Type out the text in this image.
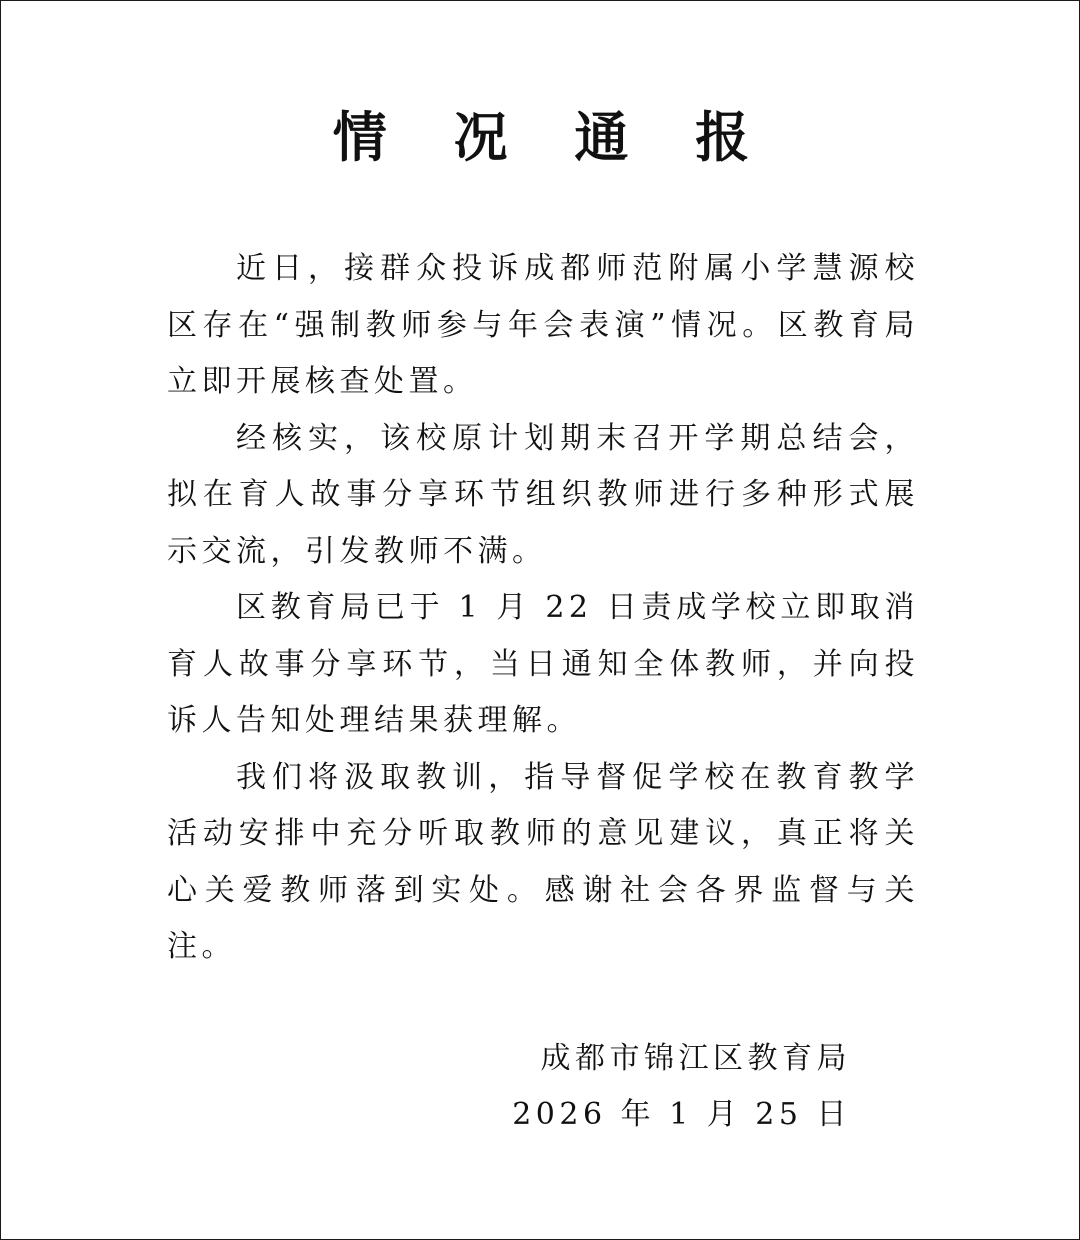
情 况 通 报

近日，接群众投诉成都师范附属小学慧源校区存在“强制教师参与年会表演”情况。区教育局立即开展核查处置。

经核实，该校原计划期末召开学期总结会，拟在育人故事分享环节组织教师进行多种形式展示交流，引发教师不满。

区教育局已于 1 月 22 日责成学校立即取消育人故事分享环节，当日通知全体教师，并向投诉人告知处理结果获理解。

我们将汲取教训，指导督促学校在教育教学活动安排中充分听取教师的意见建议，真正将关心关爱教师落到实处。感谢社会各界监督与关注。

成都市锦江区教育局
2026 年 1 月 25 日
